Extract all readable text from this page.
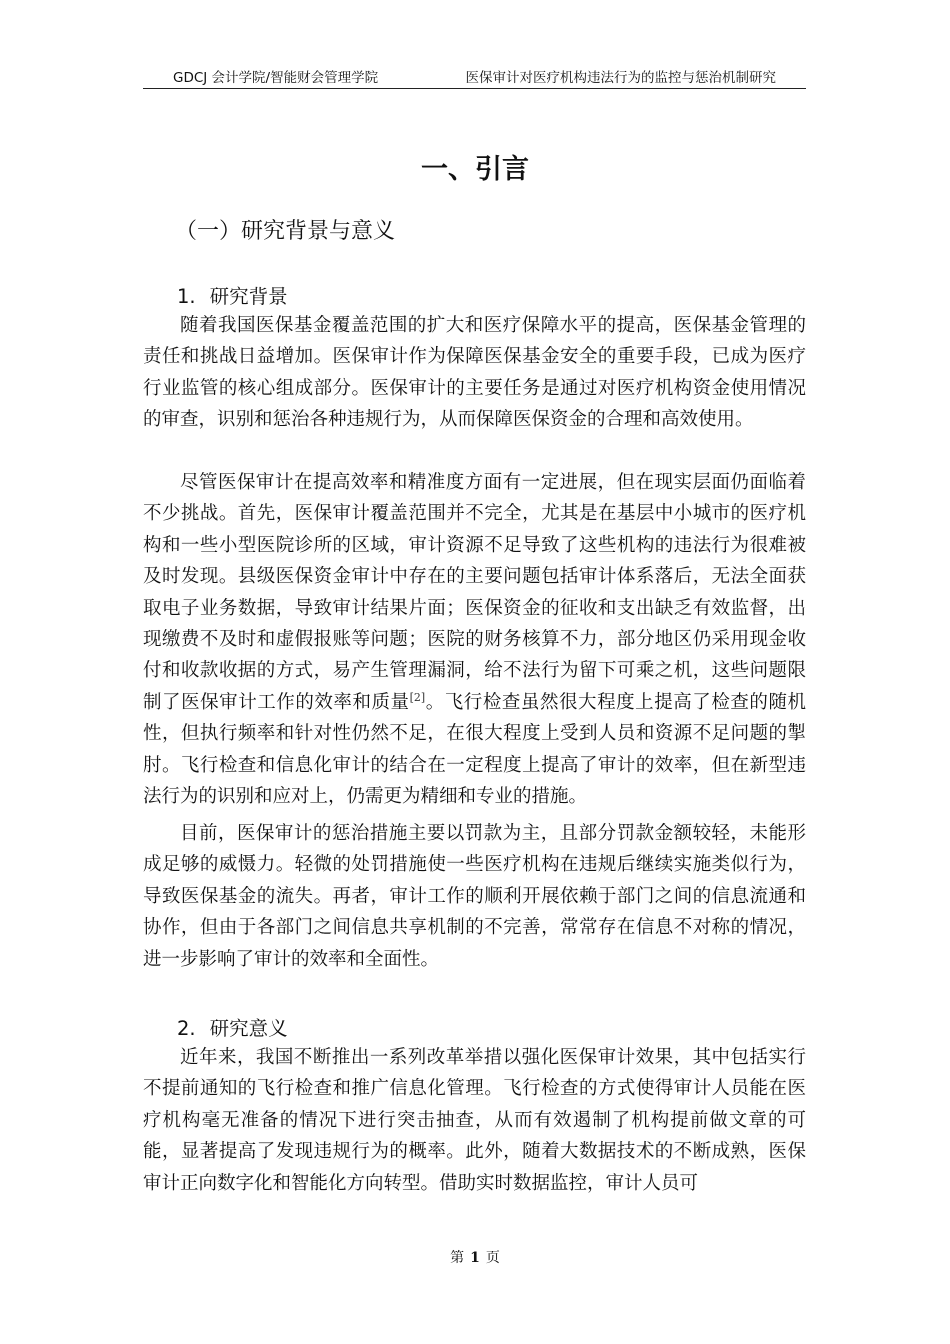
GDCJ 会计学院/智能财会管理学院	医保审计对医疗机构违法行为的监控与惩治机制研究
一、引言
（一）研究背景与意义
1. 研究背景

随着我国医保基金覆盖范围的扩大和医疗保障水平的提高，医保基金管理的责任和挑战日益增加。医保审计作为保障医保基金安全的重要手段，已成为医疗行业监管的核心组成部分。医保审计的主要任务是通过对医疗机构资金使用情况的审查，识别和惩治各种违规行为，从而保障医保资金的合理和高效使用。

尽管医保审计在提高效率和精准度方面有一定进展，但在现实层面仍面临着不少挑战。首先，医保审计覆盖范围并不完全，尤其是在基层中小城市的医疗机构和一些小型医院诊所的区域，审计资源不足导致了这些机构的违法行为很难被及时发现。县级医保资金审计中存在的主要问题包括审计体系落后，无法全面获取电子业务数据，导致审计结果片面；医保资金的征收和支出缺乏有效监督，出现缴费不及时和虚假报账等问题；医院的财务核算不力，部分地区仍采用现金收付和收款收据的方式，易产生管理漏洞，给不法行为留下可乘之机，这些问题限制了医保审计工作的效率和质量[2]。飞行检查虽然很大程度上提高了检查的随机性，但执行频率和针对性仍然不足，在很大程度上受到人员和资源不足问题的掣肘。飞行检查和信息化审计的结合在一定程度上提高了审计的效率，但在新型违法行为的识别和应对上，仍需更为精细和专业的措施。

目前，医保审计的惩治措施主要以罚款为主，且部分罚款金额较轻，未能形成足够的威慑力。轻微的处罚措施使一些医疗机构在违规后继续实施类似行为，导致医保基金的流失。再者，审计工作的顺利开展依赖于部门之间的信息流通和协作，但由于各部门之间信息共享机制的不完善，常常存在信息不对称的情况，进一步影响了审计的效率和全面性。

2. 研究意义

近年来，我国不断推出一系列改革举措以强化医保审计效果，其中包括实行不提前通知的飞行检查和推广信息化管理。飞行检查的方式使得审计人员能在医疗机构毫无准备的情况下进行突击抽查，从而有效遏制了机构提前做文章的可能，显著提高了发现违规行为的概率。此外，随着大数据技术的不断成熟，医保审计正向数字化和智能化方向转型。借助实时数据监控，审计人员可

第 1 页
